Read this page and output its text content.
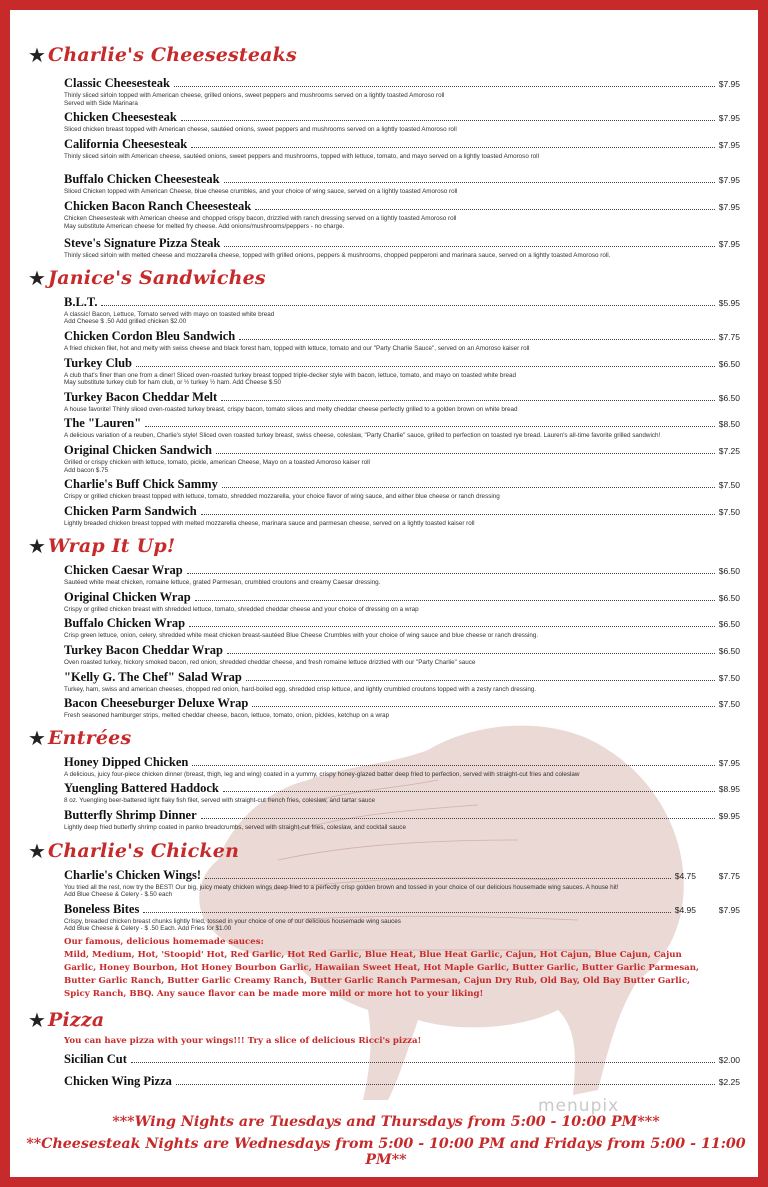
★ Charlie's Cheesesteaks
Classic Cheesesteak	$7.95
Thinly sliced sirloin topped with American cheese, grilled onions, sweet peppers and mushrooms served on a lightly toasted Amoroso roll
Served with Side Marinara
Chicken Cheesesteak	$7.95
Sliced chicken breast topped with American cheese, sautéed onions, sweet peppers and mushrooms served on a lightly toasted Amoroso roll
California Cheesesteak	$7.95
Thinly sliced sirloin with American cheese, sautéed onions, sweet peppers and mushrooms, topped with lettuce, tomato, and mayo served on a lightly toasted Amoroso roll
Buffalo Chicken Cheesesteak	$7.95
Sliced Chicken topped with American Cheese, blue cheese crumbles, and your choice of wing sauce, served on a lightly toasted Amoroso roll
Chicken Bacon Ranch Cheesesteak	$7.95
Chicken Cheesesteak with American cheese and chopped crispy bacon, drizzled with ranch dressing served on a lightly toasted Amoroso roll
May substitute American cheese for melted fry cheese. Add onions/mushrooms/peppers - no charge.
Steve's Signature Pizza Steak	$7.95
Thinly sliced sirloin with melted cheese and mozzarella cheese, topped with grilled onions, peppers & mushrooms, chopped pepperoni and marinara sauce, served on a lightly toasted Amoroso roll.
★ Janice's Sandwiches
B.L.T.	$5.95
A classic! Bacon, Lettuce, Tomato served with mayo on toasted white bread
Add Cheese $ .50 Add grilled chicken $2.00
Chicken Cordon Bleu Sandwich	$7.75
A fried chicken filet, hot and melty with swiss cheese and black forest ham, topped with lettuce, tomato and our "Party Charlie Sauce", served on an Amoroso kaiser roll
Turkey Club	$6.50
A club that's finer than one from a diner! Sliced oven-roasted turkey breast topped triple-decker style with bacon, lettuce, tomato, and mayo on toasted white bread
May substitute turkey club for ham club, or ½ turkey ½ ham. Add Cheese $.50
Turkey Bacon Cheddar Melt	$6.50
A house favorite! Thinly sliced oven-roasted turkey breast, crispy bacon, tomato slices and melty cheddar cheese perfectly grilled to a golden brown on white bread
The "Lauren"	$8.50
A delicious variation of a reuben, Charlie's style! Sliced oven roasted turkey breast, swiss cheese, coleslaw, "Party Charlie" sauce, grilled to perfection on toasted rye bread. Lauren's all-time favorite grilled sandwich!
Original Chicken Sandwich	$7.25
Grilled or crispy chicken with lettuce, tomato, pickle, american Cheese, Mayo on a toasted Amoroso kaiser roll
Add bacon $.75
Charlie's Buff Chick Sammy	$7.50
Crispy or grilled chicken breast topped with lettuce, tomato, shredded mozzarella, your choice flavor of wing sauce, and either blue cheese or ranch dressing
Chicken Parm Sandwich	$7.50
Lightly breaded chicken breast topped with melted mozzarella cheese, marinara sauce and parmesan cheese, served on a lightly toasted kaiser roll
★ Wrap It Up!
Chicken Caesar Wrap	$6.50
Sautéed white meat chicken, romaine lettuce, grated Parmesan, crumbled croutons and creamy Caesar dressing.
Original Chicken Wrap	$6.50
Crispy or grilled chicken breast with shredded lettuce, tomato, shredded cheddar cheese and your choice of dressing on a wrap
Buffalo Chicken Wrap	$6.50
Crisp green lettuce, onion, celery, shredded white meat chicken breast-sautéed Blue Cheese Crumbles with your choice of wing sauce and blue cheese or ranch dressing.
Turkey Bacon Cheddar Wrap	$6.50
Oven roasted turkey, hickory smoked bacon, red onion, shredded cheddar cheese, and fresh romaine lettuce drizzled with our "Party Charlie" sauce
"Kelly G. The Chef" Salad Wrap	$7.50
Turkey, ham, swiss and american cheeses, chopped red onion, hard-boiled egg, shredded crisp lettuce, and lightly crumbled croutons topped with a zesty ranch dressing.
Bacon Cheeseburger Deluxe Wrap	$7.50
Fresh seasoned hamburger strips, melted cheddar cheese, bacon, lettuce, tomato, onion, pickles, ketchup on a wrap
★ Entrées
Honey Dipped Chicken	$7.95
A delicious, juicy four-piece chicken dinner (breast, thigh, leg and wing) coated in a yummy, crispy honey-glazed batter deep fried to perfection, served with straight-cut fries and coleslaw
Yuengling Battered Haddock	$8.95
8 oz. Yuengling beer-battered light flaky fish filet, served with straight-cut french fries, coleslaw, and tartar sauce
Butterfly Shrimp Dinner	$9.95
Lightly deep fried butterfly shrimp coated in panko breadcrumbs, served with straight-cut fries, coleslaw, and cocktail sauce
★ Charlie's Chicken
Charlie's Chicken Wings!	$4.75	$7.75
You tried all the rest, now try the BEST! Our big, juicy meaty chicken wings deep fried to a perfectly crisp golden brown and tossed in your choice of our delicious housemade wing sauces. A house hit!
Add Blue Cheese & Celery - $.50 each
Boneless Bites	$4.95	$7.95
Crispy, breaded chicken breast chunks lightly fried, tossed in your choice of one of our delicious housemade wing sauces
Add Blue Cheese & Celery - $ .50 Each. Add Fries for $1.00
Our famous, delicious homemade sauces:
Mild, Medium, Hot, 'Stoopid' Hot, Red Garlic, Hot Red Garlic, Blue Heat, Blue Heat Garlic, Cajun, Hot Cajun, Blue Cajun, Cajun Garlic, Honey Bourbon, Hot Honey Bourbon Garlic, Hawaiian Sweet Heat, Hot Maple Garlic, Butter Garlic, Butter Garlic Parmesan, Butter Garlic Ranch, Butter Garlic Creamy Ranch, Butter Garlic Ranch Parmesan, Cajun Dry Rub, Old Bay, Old Bay Butter Garlic, Spicy Ranch, BBQ. Any sauce flavor can be made more mild or more hot to your liking!
★ Pizza
You can have pizza with your wings!!! Try a slice of delicious Ricci's pizza!
Sicilian Cut	$2.00
Chicken Wing Pizza	$2.25
menupix
***Wing Nights are Tuesdays and Thursdays from 5:00 - 10:00 PM***
**Cheesesteak Nights are Wednesdays from 5:00 - 10:00 PM and Fridays from 5:00 - 11:00 PM**
